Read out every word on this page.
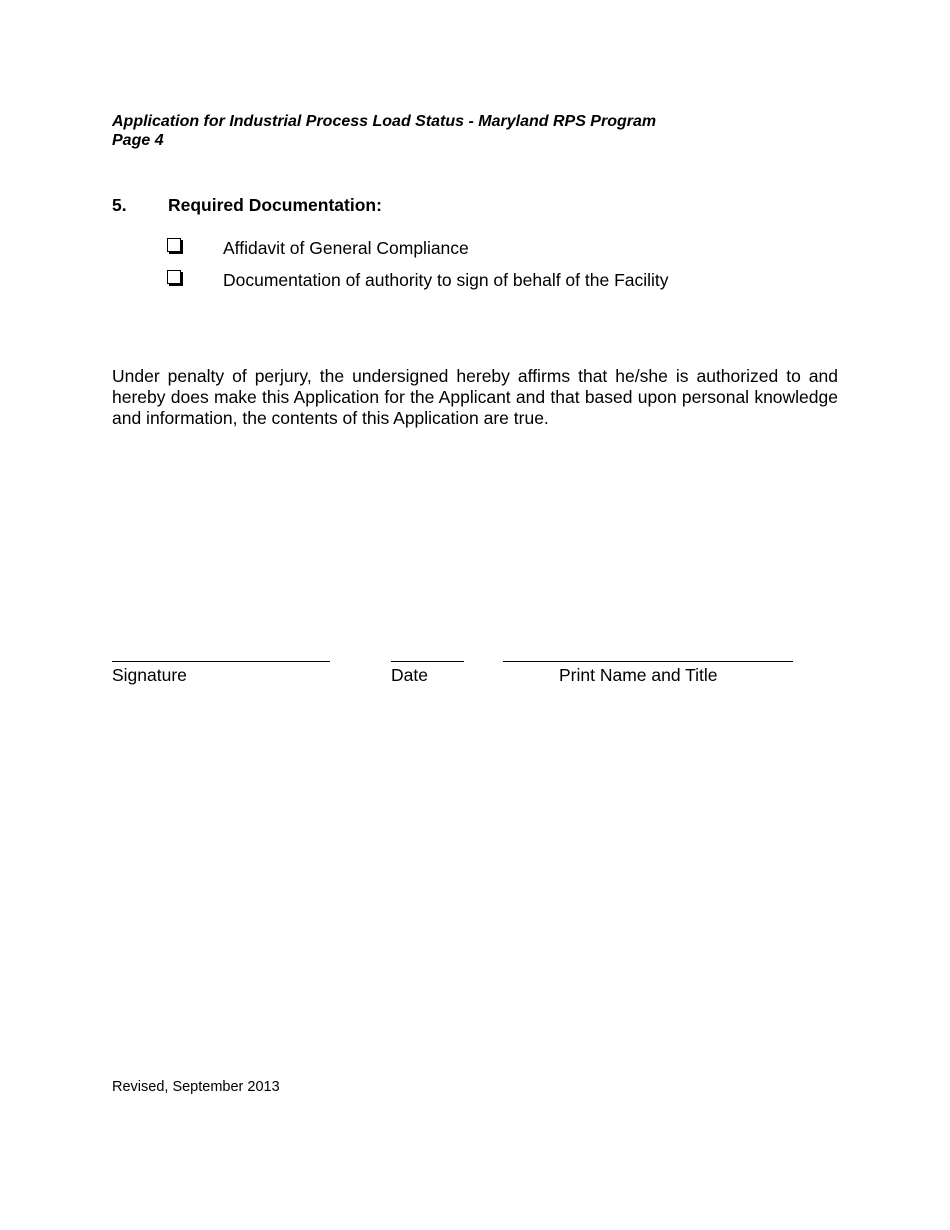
Application for Industrial Process Load Status - Maryland RPS Program
Page 4
5. Required Documentation:
Affidavit of General Compliance
Documentation of authority to sign of behalf of the Facility
Under penalty of perjury, the undersigned hereby affirms that he/she is authorized to and hereby does make this Application for the Applicant and that based upon personal knowledge and information, the contents of this Application are true.
Signature	Date	Print Name and Title
Revised, September 2013
